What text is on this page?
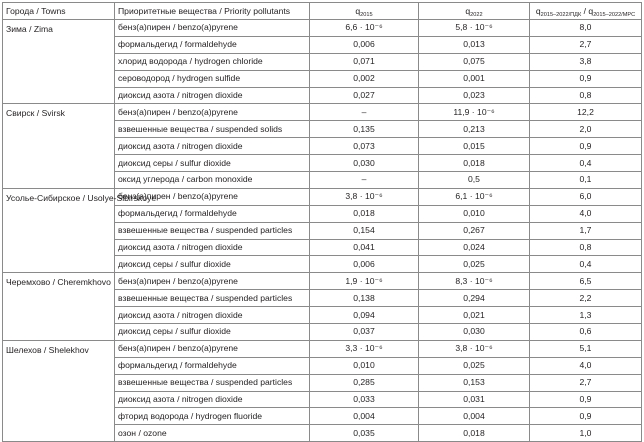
Города / Towns	Приоритетные вещества / Priority pollutants	$q_{2015}$	$q_{2022}$	$q_{2015-2022/ПДК} / q_{2015-2022/MPC}$
Зима / Zima	бенз(а)пирен / benzo(a)pyrene	6,6 · 10⁻⁶	5,8 · 10⁻⁶	8,0
	формальдегид / formaldehyde	0,006	0,013	2,7
	хлорид водорода / hydrogen chloride	0,071	0,075	3,8
	сероводород / hydrogen sulfide	0,002	0,001	0,9
	диоксид азота / nitrogen dioxide	0,027	0,023	0,8
Свирск / Svirsk	бенз(а)пирен / benzo(a)pyrene	–	11,9 · 10⁻⁶	12,2
	взвешенные вещества / suspended solids	0,135	0,213	2,0
	диоксид азота / nitrogen dioxide	0,073	0,015	0,9
	диоксид серы / sulfur dioxide	0,030	0,018	0,4
	оксид углерода / carbon monoxide	–	0,5	0,1
Усолье-Сибирское / Usolye-Sibirskoye	бенз(а)пирен / benzo(a)pyrene	3,8 · 10⁻⁶	6,1 · 10⁻⁶	6,0
	формальдегид / formaldehyde	0,018	0,010	4,0
	взвешенные вещества / suspended particles	0,154	0,267	1,7
	диоксид азота / nitrogen dioxide	0,041	0,024	0,8
	диоксид серы / sulfur dioxide	0,006	0,025	0,4
Черемхово / Cheremkhovo	бенз(а)пирен / benzo(a)pyrene	1,9 · 10⁻⁶	8,3 · 10⁻⁶	6,5
	взвешенные вещества / suspended particles	0,138	0,294	2,2
	диоксид азота / nitrogen dioxide	0,094	0,021	1,3
	диоксид серы / sulfur dioxide	0,037	0,030	0,6
Шелехов / Shelekhov	бенз(а)пирен / benzo(a)pyrene	3,3 · 10⁻⁶	3,8 · 10⁻⁶	5,1
	формальдегид / formaldehyde	0,010	0,025	4,0
	взвешенные вещества / suspended particles	0,285	0,153	2,7
	диоксид азота / nitrogen dioxide	0,033	0,031	0,9
	фторид водорода / hydrogen fluoride	0,004	0,004	0,9
	озон / ozone	0,035	0,018	1,0
